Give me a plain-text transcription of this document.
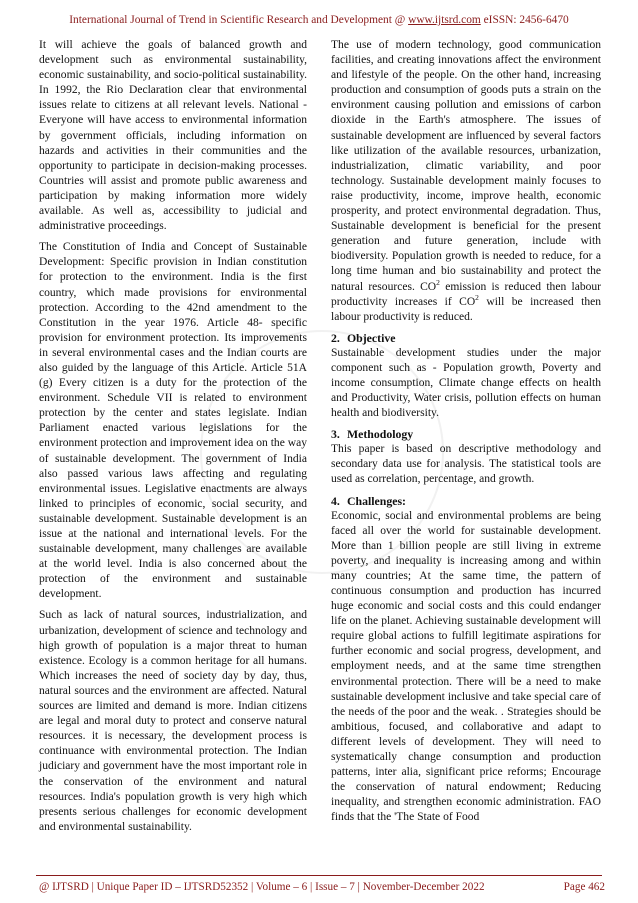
International Journal of Trend in Scientific Research and Development @ www.ijtsrd.com eISSN: 2456-6470

It will achieve the goals of balanced growth and development such as environmental sustainability, economic sustainability, and socio-political sustainability. In 1992, the Rio Declaration clear that environmental issues relate to citizens at all relevant levels. National - Everyone will have access to environmental information by government officials, including information on hazards and activities in their communities and the opportunity to participate in decision-making processes. Countries will assist and promote public awareness and participation by making information more widely available. As well as, accessibility to judicial and administrative proceedings.

The Constitution of India and Concept of Sustainable Development: Specific provision in Indian constitution for protection to the environment. India is the first country, which made provisions for environmental protection. According to the 42nd amendment to the Constitution in the year 1976. Article 48- specific provision for environment protection. Its improvements in several environmental cases and the Indian courts are also guided by the language of this Article. Article 51A (g) Every citizen is a duty for the protection of the environment. Schedule VII is related to environment protection by the center and states legislate. Indian Parliament enacted various legislations for the environment protection and improvement idea on the way of sustainable development. The government of India also passed various laws affecting and regulating environmental issues. Legislative enactments are always linked to principles of economic, social security, and sustainable development. Sustainable development is an issue at the national and international levels. For the sustainable development, many challenges are available at the world level. India is also concerned about the protection of the environment and sustainable development.

Such as lack of natural sources, industrialization, and urbanization, development of science and technology and high growth of population is a major threat to human existence. Ecology is a common heritage for all humans. Which increases the need of society day by day, thus, natural sources and the environment are affected. Natural sources are limited and demand is more. Indian citizens are legal and moral duty to protect and conserve natural resources. it is necessary, the development process is continuance with environmental protection. The Indian judiciary and government have the most important role in the conservation of the environment and natural resources. India's population growth is very high which presents serious challenges for economic development and environmental sustainability.

The use of modern technology, good communication facilities, and creating innovations affect the environment and lifestyle of the people. On the other hand, increasing production and consumption of goods puts a strain on the environment causing pollution and emissions of carbon dioxide in the Earth's atmosphere. The issues of sustainable development are influenced by several factors like utilization of the available resources, urbanization, industrialization, climatic variability, and poor technology. Sustainable development mainly focuses to raise productivity, income, improve health, economic prosperity, and protect environmental degradation. Thus, Sustainable development is beneficial for the present generation and future generation, include with biodiversity. Population growth is needed to reduce, for a long time human and bio sustainability and protect the natural resources. $CO^2$ emission is reduced then labour productivity increases if $CO^2$ will be increased then labour productivity is reduced.

2. Objective

Sustainable development studies under the major component such as - Population growth, Poverty and income consumption, Climate change effects on health and Productivity, Water crisis, pollution effects on human health and biodiversity.

3. Methodology

This paper is based on descriptive methodology and secondary data use for analysis. The statistical tools are used as correlation, percentage, and growth.

4. Challenges:

Economic, social and environmental problems are being faced all over the world for sustainable development. More than 1 billion people are still living in extreme poverty, and inequality is increasing among and within many countries; At the same time, the pattern of continuous consumption and production has incurred huge economic and social costs and this could endanger life on the planet. Achieving sustainable development will require global actions to fulfill legitimate aspirations for further economic and social progress, development, and employment needs, and at the same time strengthen environmental protection. There will be a need to make sustainable development inclusive and take special care of the needs of the poor and the weak. . Strategies should be ambitious, focused, and collaborative and adapt to different levels of development. They will need to systematically change consumption and production patterns, inter alia, significant price reforms; Encourage the conservation of natural endowment; Reducing inequality, and strengthen economic administration. FAO finds that the 'The State of Food

@ IJTSRD | Unique Paper ID – IJTSRD52352 | Volume – 6 | Issue – 7 | November-December 2022	Page 462
